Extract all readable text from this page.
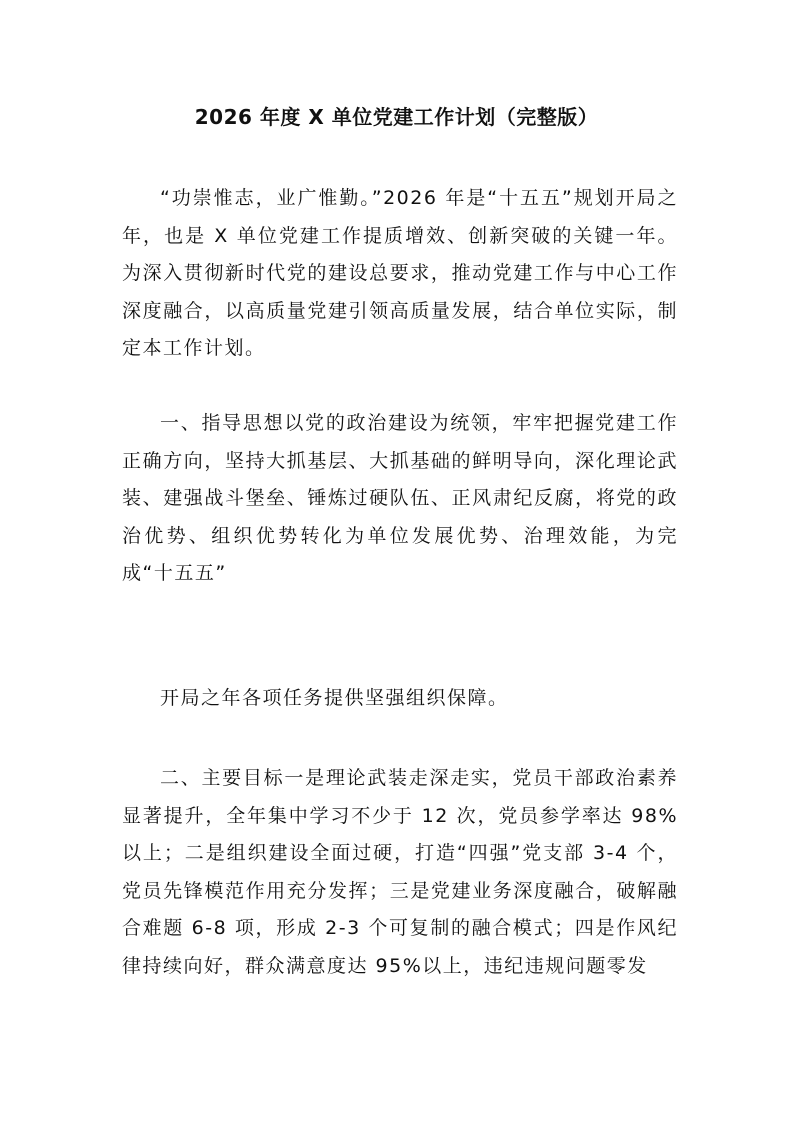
2026 年度 X 单位党建工作计划（完整版）

“功崇惟志，业广惟勤。”2026 年是“十五五”规划开局之年，也是 X 单位党建工作提质增效、创新突破的关键一年。为深入贯彻新时代党的建设总要求，推动党建工作与中心工作深度融合，以高质量党建引领高质量发展，结合单位实际，制定本工作计划。

一、指导思想以党的政治建设为统领，牢牢把握党建工作正确方向，坚持大抓基层、大抓基础的鲜明导向，深化理论武装、建强战斗堡垒、锤炼过硬队伍、正风肃纪反腐，将党的政治优势、组织优势转化为单位发展优势、治理效能，为完成“十五五”

开局之年各项任务提供坚强组织保障。

二、主要目标一是理论武装走深走实，党员干部政治素养显著提升，全年集中学习不少于 12 次，党员参学率达 98%以上；二是组织建设全面过硬，打造“四强”党支部 3-4 个，党员先锋模范作用充分发挥；三是党建业务深度融合，破解融合难题 6-8 项，形成 2-3 个可复制的融合模式；四是作风纪律持续向好，群众满意度达 95%以上，违纪违规问题零发
